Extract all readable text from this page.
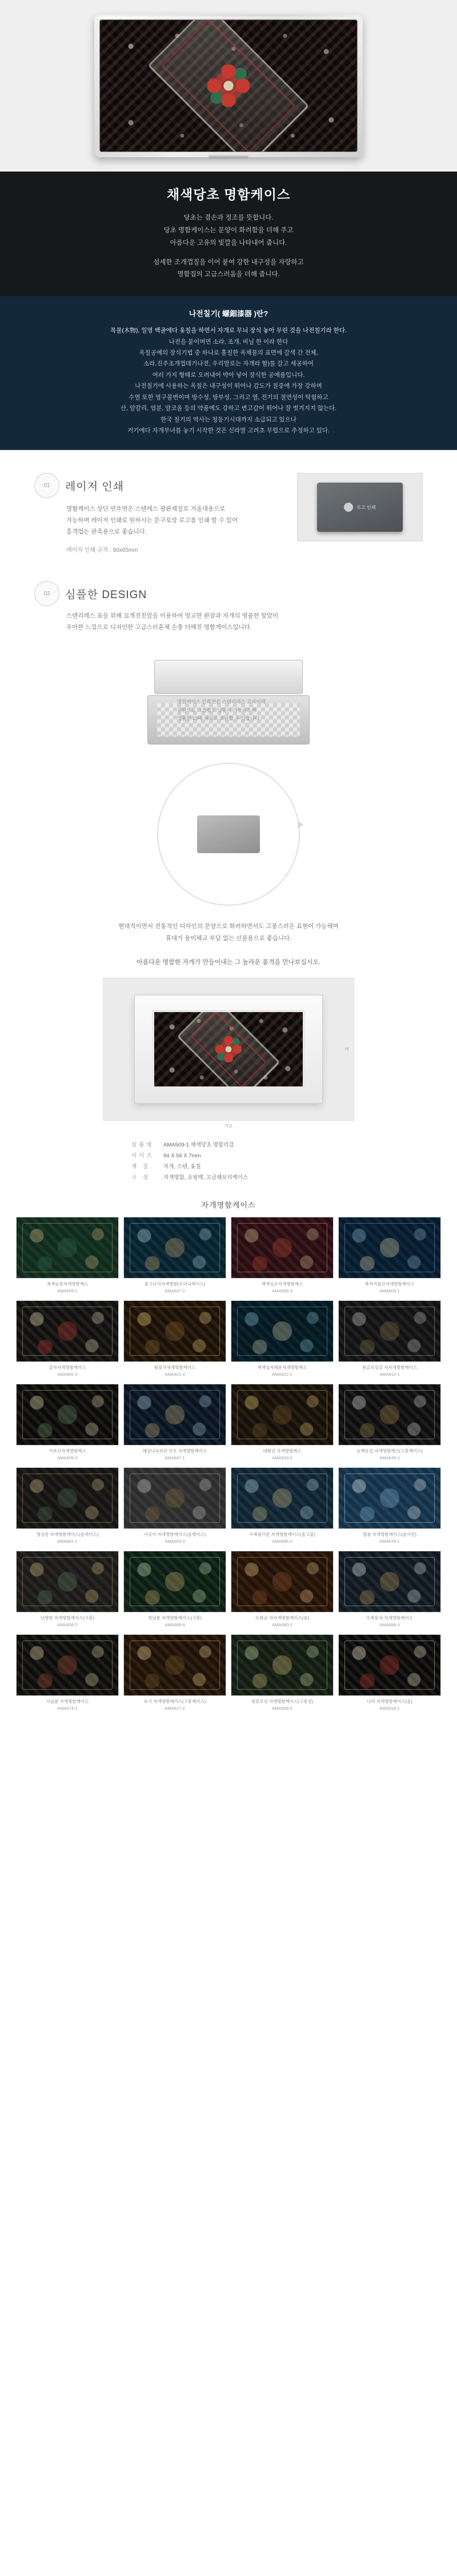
채색당초 명함케이스

당초는 겸손과 정조를 뜻합니다.

당초 명함케이스는 문양이 화려함을 더해 주고

아름다운 고유의 빛깔을 나타내어 줍니다.

섬세한 조개껍질을 이어 붙여 강한 내구성을 자랑하고

명함집의 고급스러움을 더해 줍니다.

나전칠기( 螺鈿漆器 )란?

목물(木物), 일명 백골에다 옻칠을 하면서 자개로 무늬 장식 놓아 무린 것을 나전칠기라 한다.

나전을 붙이며면 소라, 조개, 비닐 한 이라 한다

옥칠공예의 장식기법 중 하나로 훌칠한 옥채물의 표면에 갈색 간 전체,

소라,진주조개껍데기나전, 우리말로는 자개라 함)를 갈고 세공하여

여러 가지 형태로 오려내어 박아 넣어 장식한 공예품입니다.

나전칠기에 사용하는 옥칠은 내구성이 뛰어나 감도가 칠중에 가장 강하며

수열 또한 영구불변이며 방수성, 방부성, 그리고 열, 전기의 절연성이 탁월하고

산, 알칼리, 염분, 알코올 등의 약품에도 강하고 변고감이 뛰어나 잘 벗겨지지 않는다.

한국 칠기의 역사는 청동기시대까지 소급되고 있으나

거기에다 자개부녀를 놓기 시작한 것은 신라말 고려초 무렵으로 추정하고 있다.

01	레이저 인쇄
명함케이스 상단 연푸면은 스텐레스 광판재질로 거울대용으로
가능하며 레이저 인쇄로 원하시는 문구포앙 로고를 인쇄 할 수 있어
홍객업는 판촉용으로 좋습니다.
레이직 인쇄 규격 : 90x65mm
로고 인쇄
02	심플한 DESIGN
스텐리레스 표을 위해 꼬개진친알을 이용하여 멍교한 완잠과 자개의 명품한 앞았이
우아한 느낌으로 디자인한 고급스러훈체 손충 더해진 명함게이스입니다.
명함케이스 안쪽면은 스텐리레스 코리미레
광판으로 그을렸도 남통이 가능하으며
명품한 15매 내외로 보관할 수 있습니다.
현대적이면서 전통적인 디자인의 문양으로 화려하면서도 고풍스러운 표현이 가능해며
휴대가 용이해교 부담 없는 선물용으로 좋습니다.
아름다운 명함한 자개가 만들어내는 그 놀라운 품격을 만나보십시오.
여
가로
상품명	AMA509-1 채색당초 명함리갑
사이즈	94 X 56 X 7mm
재 질	자개, 스텐, 옻칠
구 성	자개명함, 쇼핑백, 고급쇄보리케이스
자개명함케이스
폭색능꽃자개명함케스
AMA609-1
홍고나석자개명함(모더니케이스)
AMA027-2
책색십조자개명함케스
AMA509-3
폭적거풀산자개명함케이스
AMA603-1
금자자개명함케이스
AMA902-2
원꽃가자개명함케이스
AMA921-4
책색십자해운자개명함케스
AMA622-1
원글모심금 자자개명함케이스
AMA810-1
거부산자개명함케스
AMA609-3
해상나곡자산 산호 자개명함케이스
AMA647-1
대왕김 자개명함케스
AMA503-2
뉴책동김 자개명함케스(고흥케이스)
AMA636-2
명상문 자개명함케이스(솜케이스)
AMA681-1
사공이 자개명함케이스(솜케이스)
AMA663-3
수복원사문 자개명함케이스(솜고물)
AMA688-2
발롬 자개명함케이스(솜이린)
AMA678-1
난향문 자개명함케이스(고흥)
AMA608-2
청남문 자개명함케이스(고흥)
AMA688-4
도화군 자자개명함케이스(솜)
AMA680-2
수복문자 자개명함케이스
AMA688-3
사슴문 자개명함케이스
AMA674-1
로기 자개명함케이스(고흥케이스)
AMA617-2
평꽃모심 자개명함케이스(고흥성)
AMA509-2
나비 자개명함케이스(솜)
AMA618-1
